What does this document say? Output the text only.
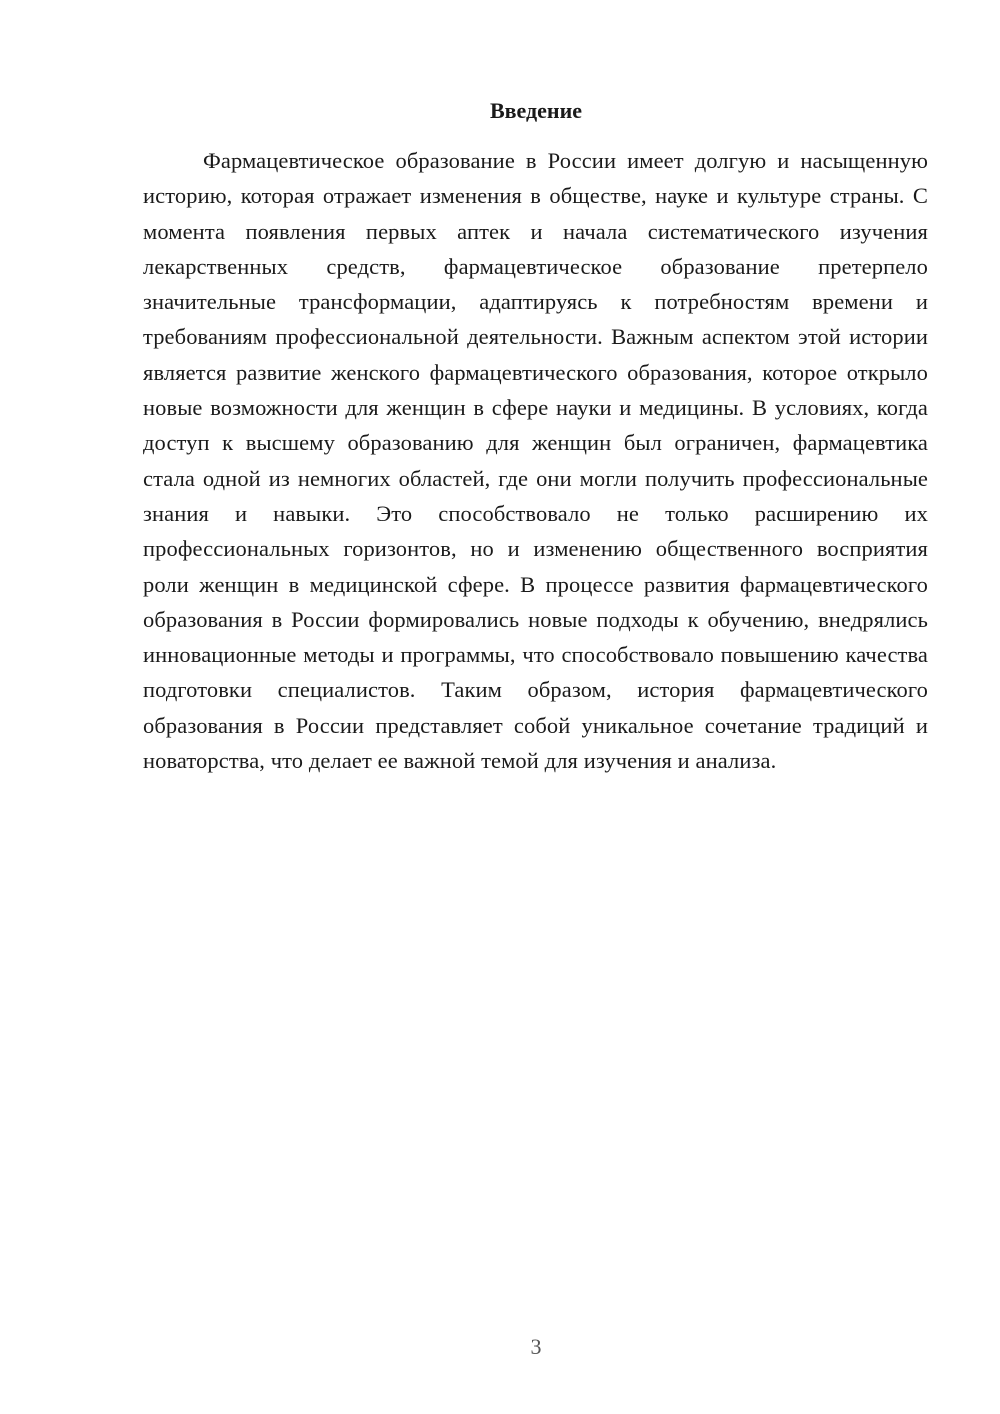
Введение

Фармацевтическое образование в России имеет долгую и насыщенную историю, которая отражает изменения в обществе, науке и культуре страны. С момента появления первых аптек и начала систематического изучения лекарственных средств, фармацевтическое образование претерпело значительные трансформации, адаптируясь к потребностям времени и требованиям профессиональной деятельности. Важным аспектом этой истории является развитие женского фармацевтического образования, которое открыло новые возможности для женщин в сфере науки и медицины. В условиях, когда доступ к высшему образованию для женщин был ограничен, фармацевтика стала одной из немногих областей, где они могли получить профессиональные знания и навыки. Это способствовало не только расширению их профессиональных горизонтов, но и изменению общественного восприятия роли женщин в медицинской сфере. В процессе развития фармацевтического образования в России формировались новые подходы к обучению, внедрялись инновационные методы и программы, что способствовало повышению качества подготовки специалистов. Таким образом, история фармацевтического образования в России представляет собой уникальное сочетание традиций и новаторства, что делает ее важной темой для изучения и анализа.

3
